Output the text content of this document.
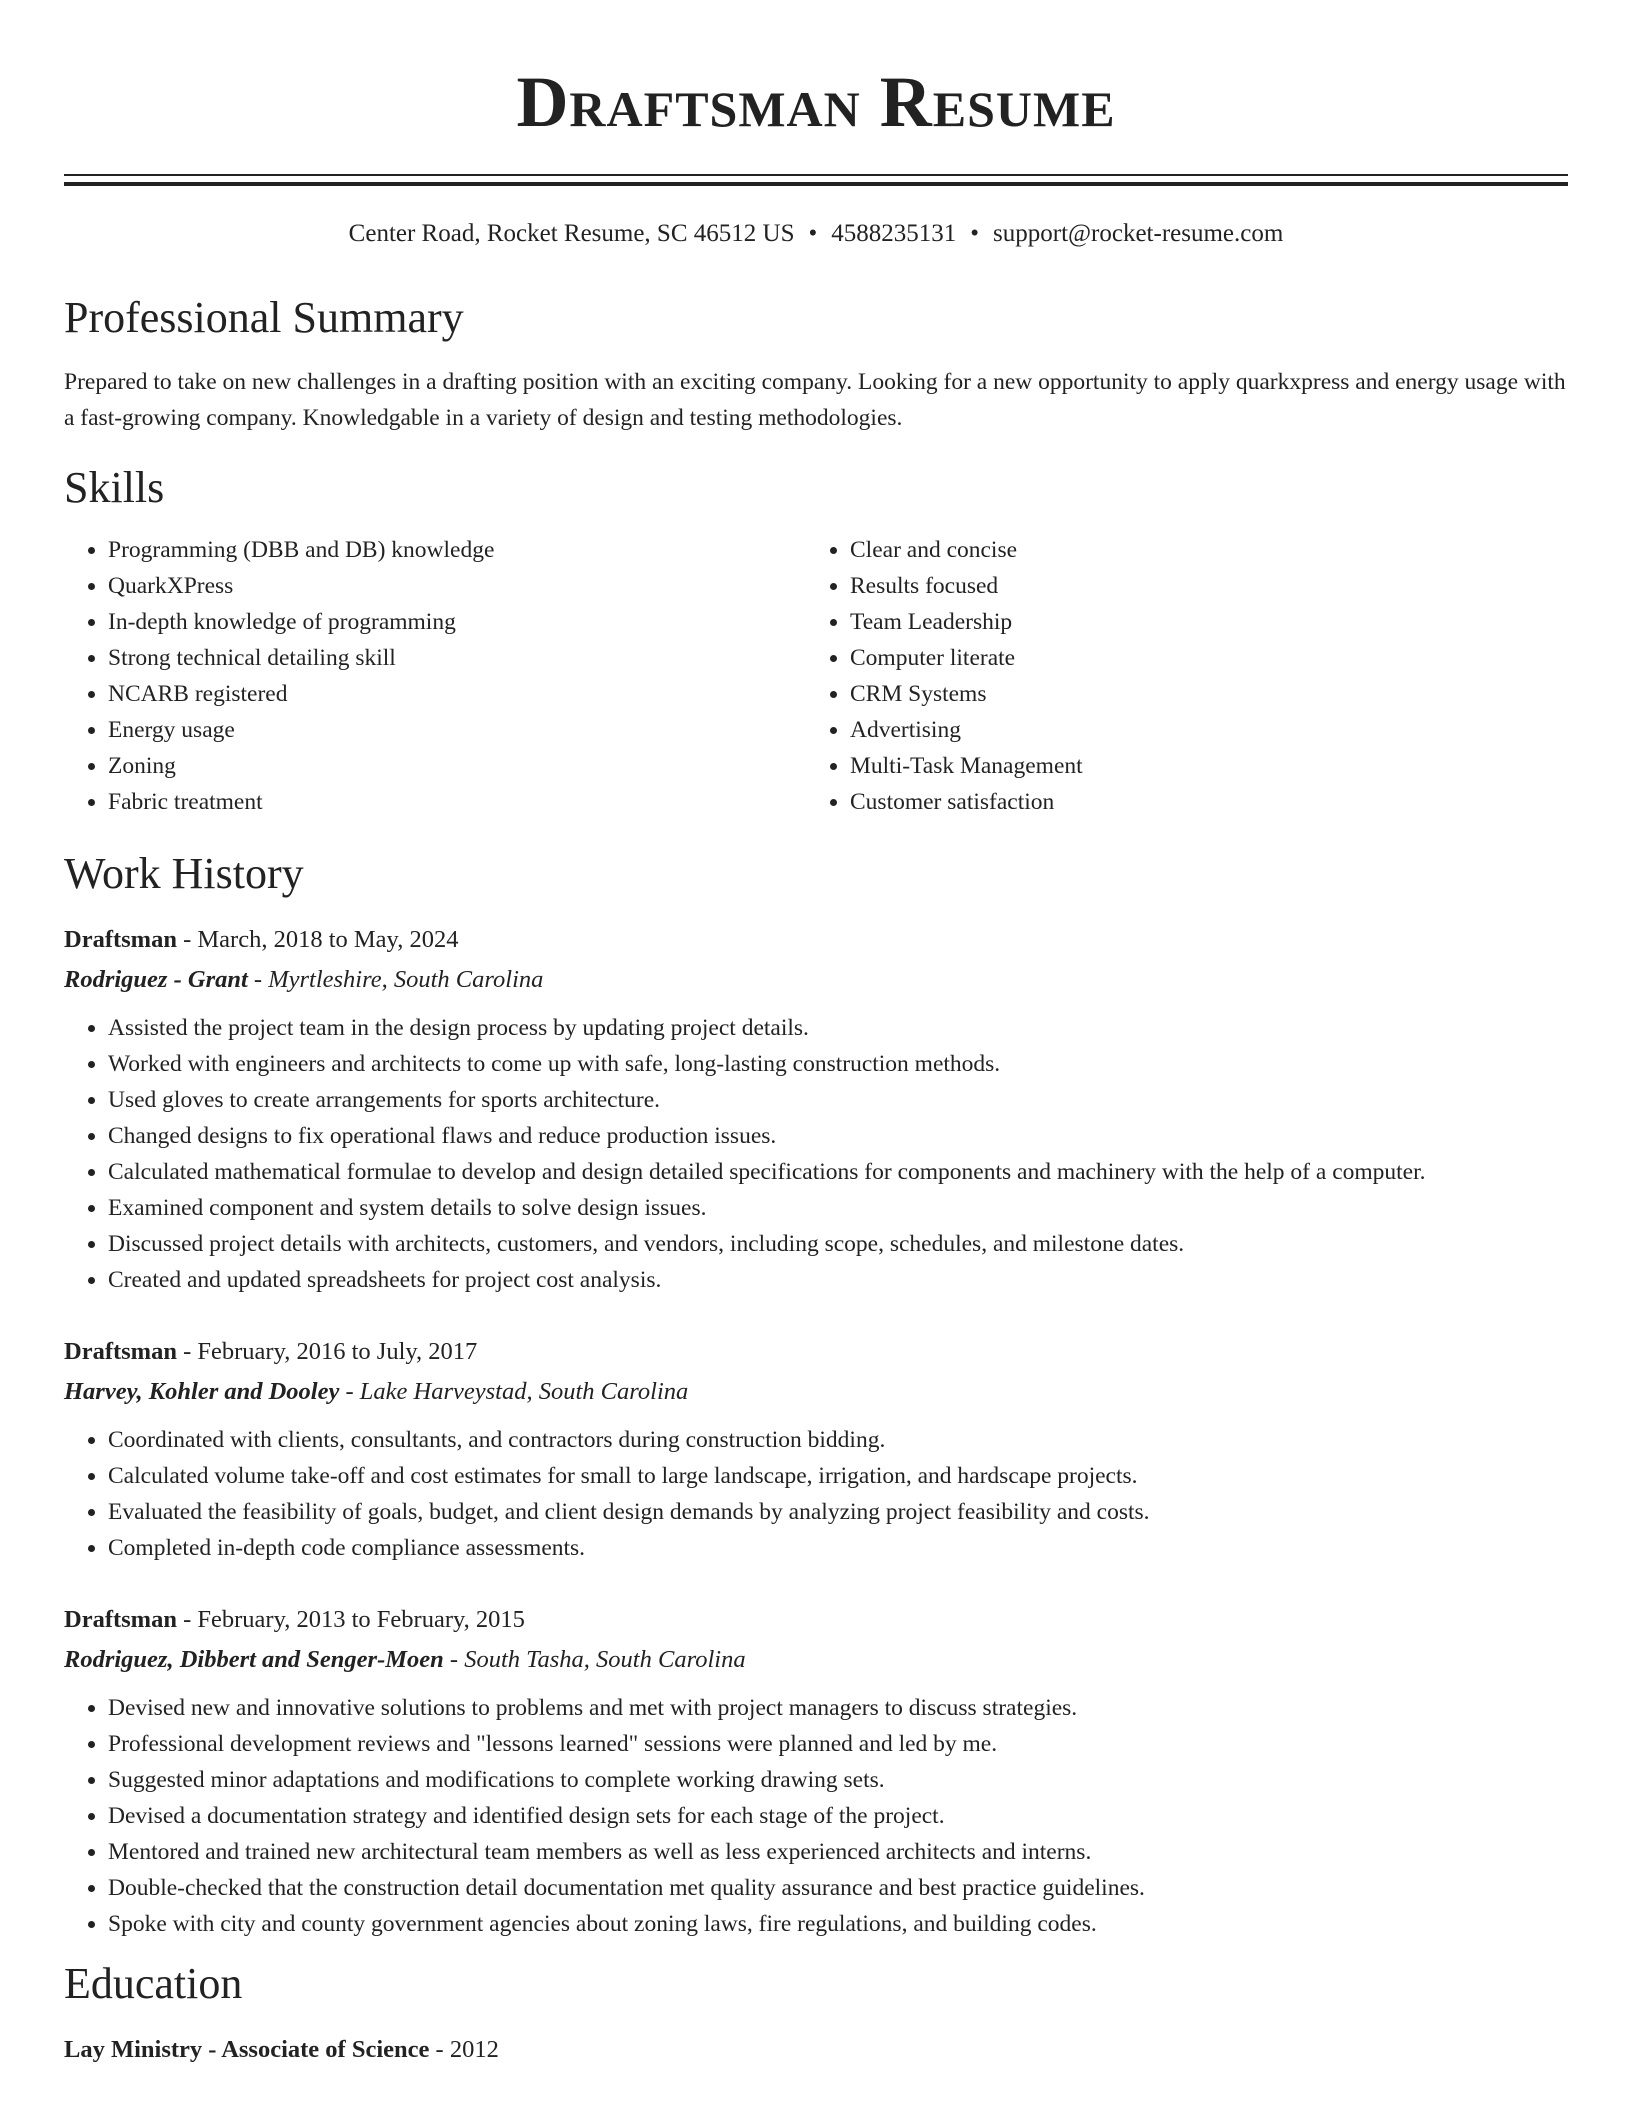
Draftsman Resume
Center Road, Rocket Resume, SC 46512 US • 4588235131 • support@rocket-resume.com
Professional Summary

Prepared to take on new challenges in a drafting position with an exciting company. Looking for a new opportunity to apply quarkxpress and energy usage with a fast-growing company. Knowledgable in a variety of design and testing methodologies.

Skills
• Programming (DBB and DB) knowledge
• QuarkXPress
• In-depth knowledge of programming
• Strong technical detailing skill
• NCARB registered
• Energy usage
• Zoning
• Fabric treatment
• Clear and concise
• Results focused
• Team Leadership
• Computer literate
• CRM Systems
• Advertising
• Multi-Task Management
• Customer satisfaction
Work History
Draftsman - March, 2018 to May, 2024
Rodriguez - Grant - Myrtleshire, South Carolina
• Assisted the project team in the design process by updating project details.
• Worked with engineers and architects to come up with safe, long-lasting construction methods.
• Used gloves to create arrangements for sports architecture.
• Changed designs to fix operational flaws and reduce production issues.
• Calculated mathematical formulae to develop and design detailed specifications for components and machinery with the help of a computer.
• Examined component and system details to solve design issues.
• Discussed project details with architects, customers, and vendors, including scope, schedules, and milestone dates.
• Created and updated spreadsheets for project cost analysis.
Draftsman - February, 2016 to July, 2017
Harvey, Kohler and Dooley - Lake Harveystad, South Carolina
• Coordinated with clients, consultants, and contractors during construction bidding.
• Calculated volume take-off and cost estimates for small to large landscape, irrigation, and hardscape projects.
• Evaluated the feasibility of goals, budget, and client design demands by analyzing project feasibility and costs.
• Completed in-depth code compliance assessments.
Draftsman - February, 2013 to February, 2015
Rodriguez, Dibbert and Senger-Moen - South Tasha, South Carolina
• Devised new and innovative solutions to problems and met with project managers to discuss strategies.
• Professional development reviews and "lessons learned" sessions were planned and led by me.
• Suggested minor adaptations and modifications to complete working drawing sets.
• Devised a documentation strategy and identified design sets for each stage of the project.
• Mentored and trained new architectural team members as well as less experienced architects and interns.
• Double-checked that the construction detail documentation met quality assurance and best practice guidelines.
• Spoke with city and county government agencies about zoning laws, fire regulations, and building codes.
Education
Lay Ministry - Associate of Science - 2012
